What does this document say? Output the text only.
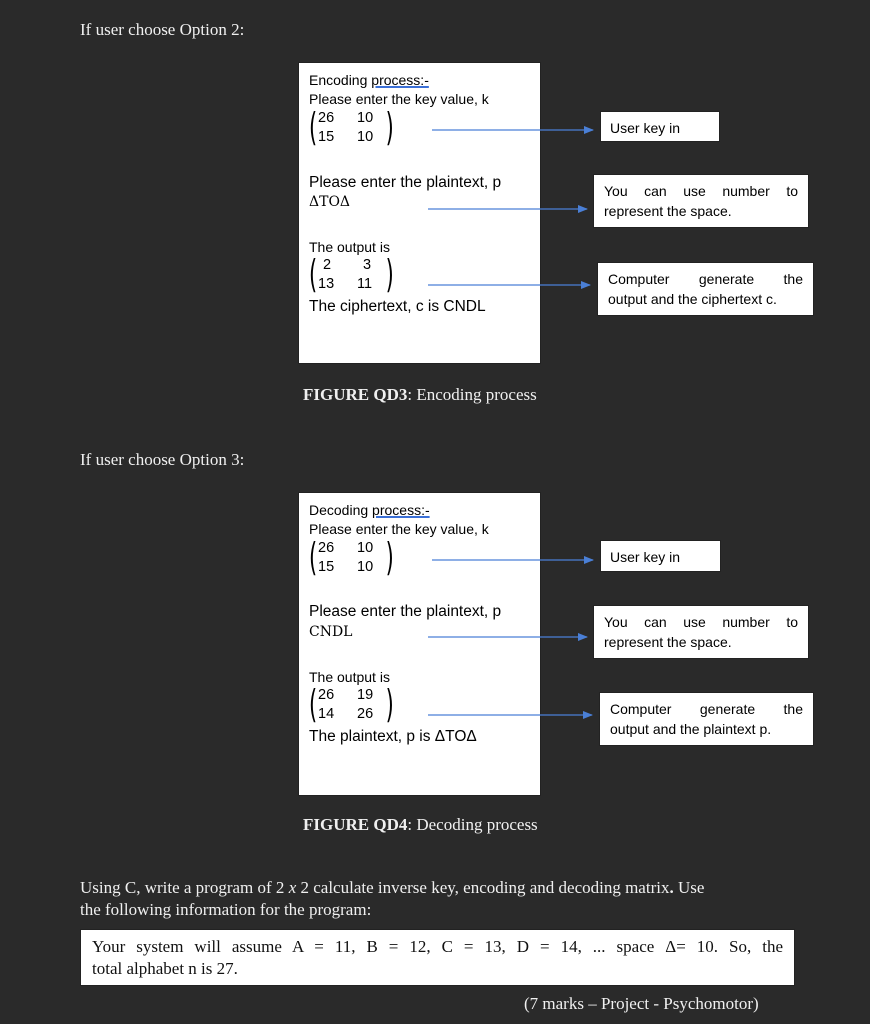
If user choose Option 2:
Encoding process:-
Please enter the key value, k
( 26 10
15 10 )
Please enter the plaintext, p
ΔTOΔ
The output is
( 2 3
13 11 )
The ciphertext, c is CNDL
User key in
You can use number to
represent the space.
Computer generate the
output and the ciphertext c.
FIGURE QD3: Encoding process
If user choose Option 3:
Decoding process:-
Please enter the key value, k
( 26 10
15 10 )
Please enter the plaintext, p
CNDL
The output is
( 26 19
14 26 )
The plaintext, p is ΔTOΔ
User key in
You can use number to
represent the space.
Computer generate the
output and the plaintext p.
FIGURE QD4: Decoding process
Using C, write a program of 2 x 2 calculate inverse key, encoding and decoding matrix. Use
the following information for the program:
Your system will assume A = 11, B = 12, C = 13, D = 14, ... space Δ= 10. So, the
total alphabet n is 27.
(7 marks – Project - Psychomotor)
